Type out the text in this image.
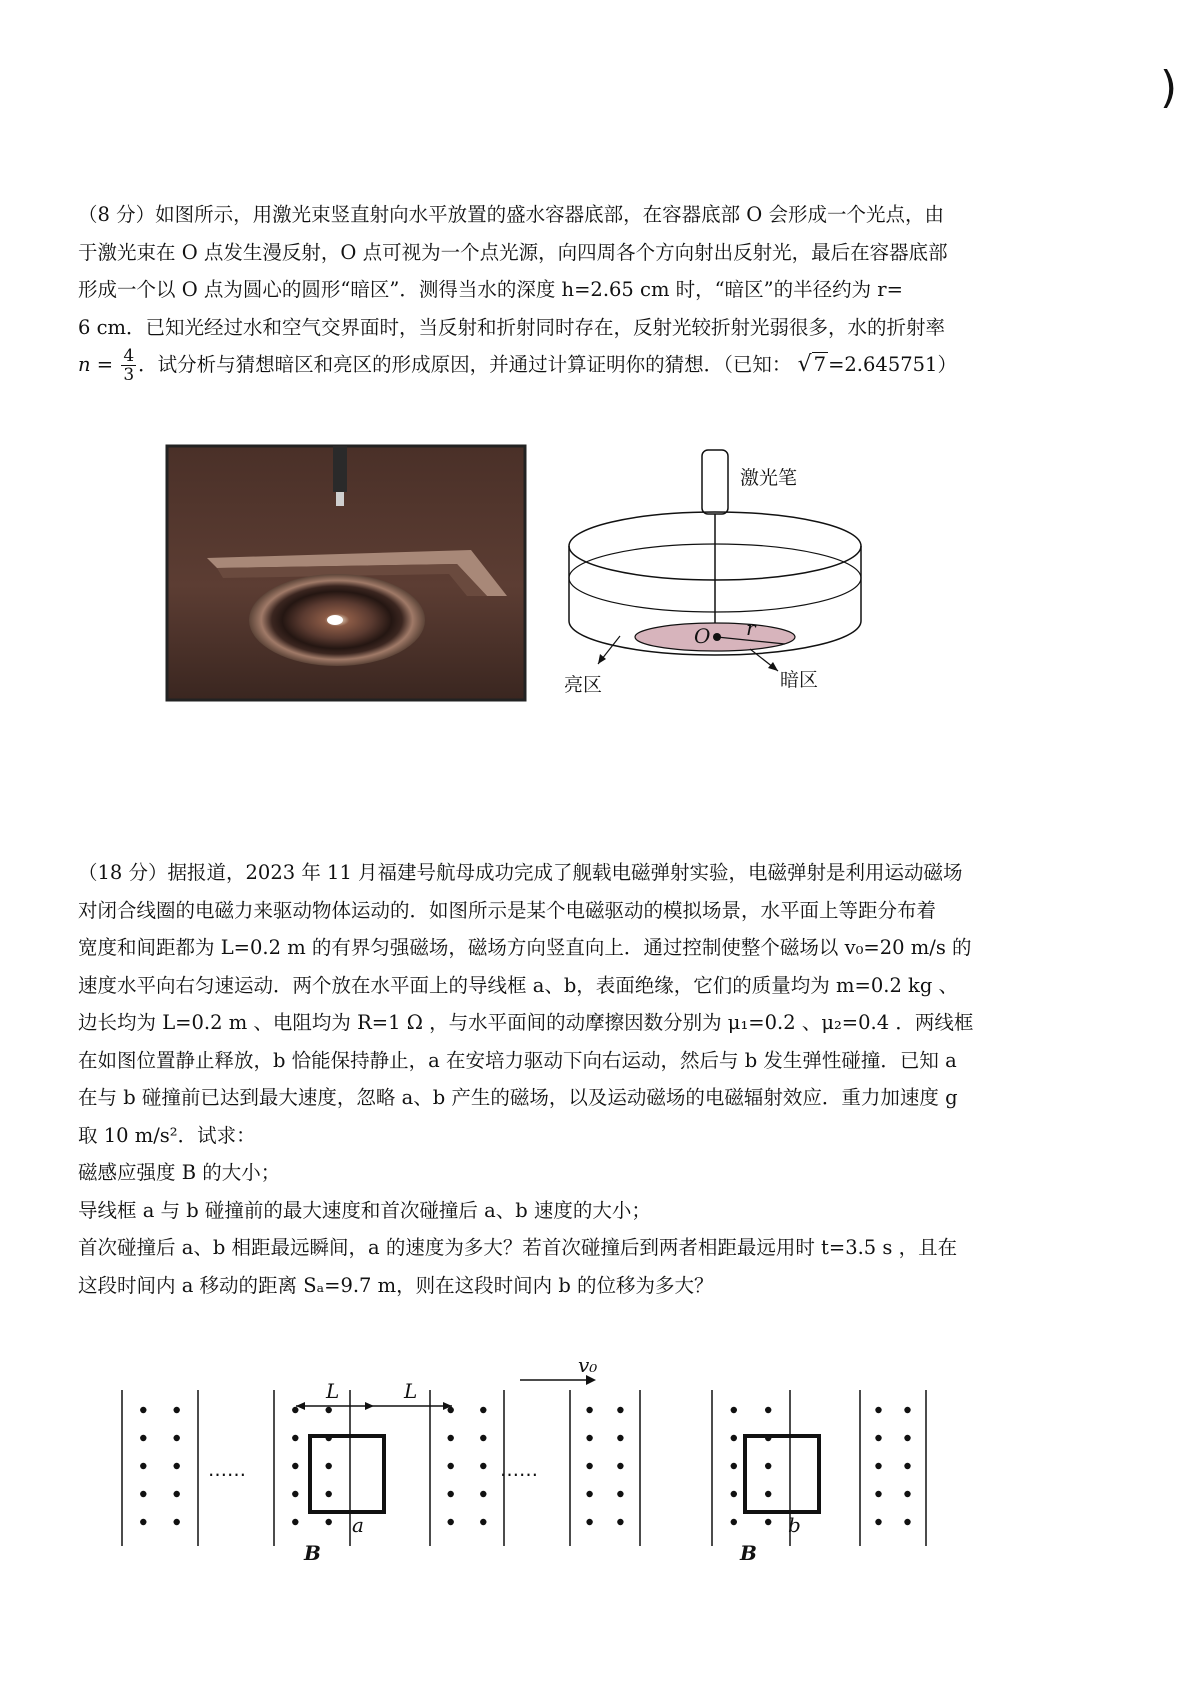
)
（8 分）如图所示，用激光束竖直射向水平放置的盛水容器底部，在容器底部 O 会形成一个光点，由
于激光束在 O 点发生漫反射，O 点可视为一个点光源，向四周各个方向射出反射光，最后在容器底部
形成一个以 O 点为圆心的圆形“暗区”．测得当水的深度 h=2.65 cm 时，“暗区”的半径约为 r=
6 cm．已知光经过水和空气交界面时，当反射和折射同时存在，反射光较折射光弱很多，水的折射率
$n = \frac{4}{3}$ ．试分析与猜想暗区和亮区的形成原因，并通过计算证明你的猜想．（已知： √ 7 =2.645751）
激光笔
O r
亮区	暗区
（18 分）据报道，2023 年 11 月福建号航母成功完成了舰载电磁弹射实验，电磁弹射是利用运动磁场
对闭合线圈的电磁力来驱动物体运动的．如图所示是某个电磁驱动的模拟场景，水平面上等距分布着
宽度和间距都为 L=0.2 m 的有界匀强磁场，磁场方向竖直向上．通过控制使整个磁场以 v₀=20 m/s 的
速度水平向右匀速运动．两个放在水平面上的导线框 a、b，表面绝缘，它们的质量均为 m=0.2 kg 、
边长均为 L=0.2 m 、电阻均为 R=1 Ω ，与水平面间的动摩擦因数分别为 μ₁=0.2 、μ₂=0.4 ．两线框
在如图位置静止释放，b 恰能保持静止，a 在安培力驱动下向右运动，然后与 b 发生弹性碰撞．已知 a
在与 b 碰撞前已达到最大速度，忽略 a、b 产生的磁场，以及运动磁场的电磁辐射效应．重力加速度 g
取 10 m/s²．试求：
磁感应强度 B 的大小；
导线框 a 与 b 碰撞前的最大速度和首次碰撞后 a、b 速度的大小；
首次碰撞后 a、b 相距最远瞬间，a 的速度为多大？若首次碰撞后到两者相距最远用时 t=3.5 s ，且在
这段时间内 a 移动的距离 Sₐ=9.7 m，则在这段时间内 b 的位移为多大？
L	L
v₀
……	……
a	b
B	B
